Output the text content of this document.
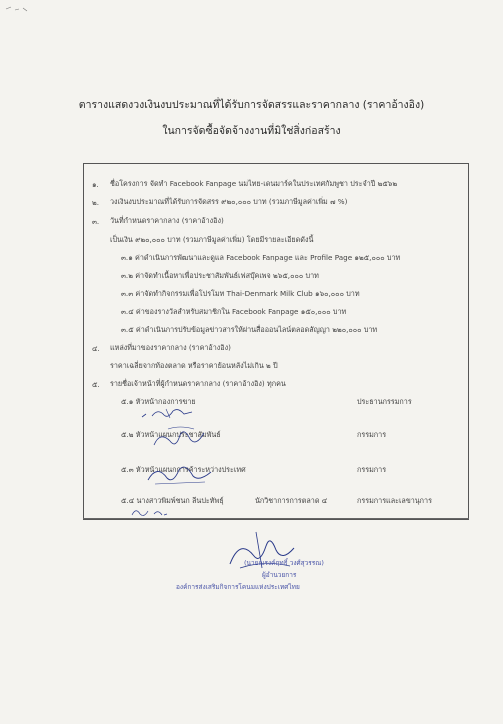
ตารางแสดงวงเงินงบประมาณที่ได้รับการจัดสรรและราคากลาง (ราคาอ้างอิง)
ในการจัดซื้อจัดจ้างงานที่มิใช่สิ่งก่อสร้าง
๑. ชื่อโครงการ จัดทำ Facebook Fanpage นมไทย-เดนมาร์คในประเทศกัมพูชา ประจำปี ๒๕๖๒
๒. วงเงินงบประมาณที่ได้รับการจัดสรร ๙๒๐,๐๐๐ บาท (รวมภาษีมูลค่าเพิ่ม ๗ %)
๓. วันที่กำหนดราคากลาง (ราคาอ้างอิง)
เป็นเงิน ๙๒๐,๐๐๐ บาท (รวมภาษีมูลค่าเพิ่ม) โดยมีรายละเอียดดังนี้
๓.๑ ค่าดำเนินการพัฒนาและดูแล Facebook Fanpage และ Profile Page ๑๒๕,๐๐๐ บาท
๓.๒ ค่าจัดทำเนื้อหาเพื่อประชาสัมพันธ์เฟสบุ๊คเพจ ๒๖๕,๐๐๐ บาท
๓.๓ ค่าจัดทำกิจกรรมเพื่อโปรโมท Thai-Denmark Milk Club ๑๖๐,๐๐๐ บาท
๓.๔ ค่าของรางวัลสำหรับสมาชิกใน Facebook Fanpage ๑๕๐,๐๐๐ บาท
๓.๕ ค่าดำเนินการปรับข้อมูลข่าวสารให้ผ่านสื่อออนไลน์ตลอดสัญญา ๒๒๐,๐๐๐ บาท
๔. แหล่งที่มาของราคากลาง (ราคาอ้างอิง)
ราคาเฉลี่ยจากท้องตลาด หรือราคาย้อนหลังไม่เกิน ๒ ปี
๕. รายชื่อเจ้าหน้าที่ผู้กำหนดราคากลาง (ราคาอ้างอิง) ทุกคน
๕.๑ หัวหน้ากองการขาย	ประธานกรรมการ
๕.๒ หัวหน้าแผนกประชาสัมพันธ์	กรรมการ
๕.๓ หัวหน้าแผนกการค้าระหว่างประเทศ	กรรมการ
๕.๔ นางสาวพิมพ์ชนก ลีนปะทัพธุ์	นักวิชาการการตลาด ๔	กรรมการและเลขานุการ
(นายณรงค์ฤทธิ์ วงศ์สุวรรณ)
ผู้อำนวยการ
องค์การส่งเสริมกิจการโคนมแห่งประเทศไทย
